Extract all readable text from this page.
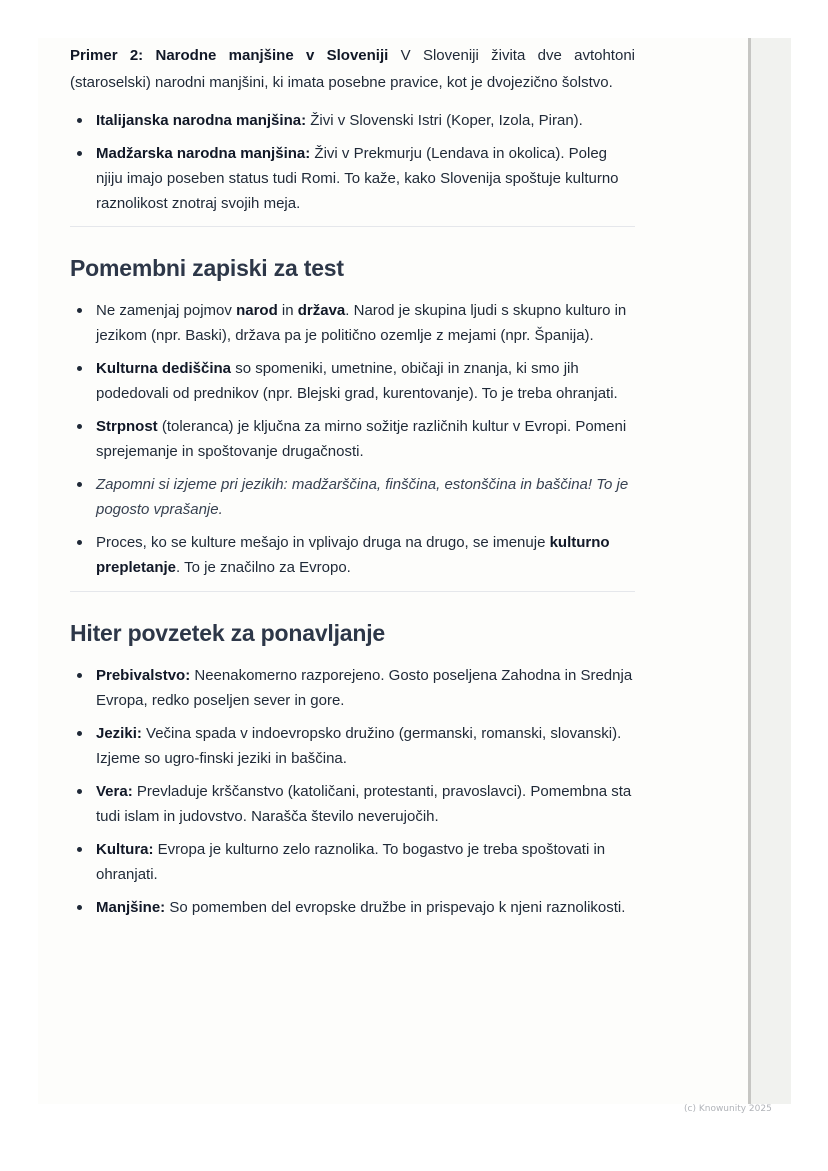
Primer 2: Narodne manjšine v Sloveniji V Sloveniji živita dve avtohtoni (staroselski) narodni manjšini, ki imata posebne pravice, kot je dvojezično šolstvo.

Italijanska narodna manjšina: Živi v Slovenski Istri (Koper, Izola, Piran).
Madžarska narodna manjšina: Živi v Prekmurju (Lendava in okolica). Poleg njiju imajo poseben status tudi Romi. To kaže, kako Slovenija spoštuje kulturno raznolikost znotraj svojih meja.
Pomembni zapiski za test
Ne zamenjaj pojmov narod in država. Narod je skupina ljudi s skupno kulturo in jezikom (npr. Baski), država pa je politično ozemlje z mejami (npr. Španija).
Kulturna dediščina so spomeniki, umetnine, običaji in znanja, ki smo jih podedovali od prednikov (npr. Blejski grad, kurentovanje). To je treba ohranjati.
Strpnost (toleranca) je ključna za mirno sožitje različnih kultur v Evropi. Pomeni sprejemanje in spoštovanje drugačnosti.
Zapomni si izjeme pri jezikih: madžarščina, finščina, estonščina in baščina! To je pogosto vprašanje.
Proces, ko se kulture mešajo in vplivajo druga na drugo, se imenuje kulturno prepletanje. To je značilno za Evropo.
Hiter povzetek za ponavljanje
Prebivalstvo: Neenakomerno razporejeno. Gosto poseljena Zahodna in Srednja Evropa, redko poseljen sever in gore.
Jeziki: Večina spada v indoevropsko družino (germanski, romanski, slovanski). Izjeme so ugro-finski jeziki in baščina.
Vera: Prevladuje krščanstvo (katoličani, protestanti, pravoslavci). Pomembna sta tudi islam in judovstvo. Narašča število neverujočih.
Kultura: Evropa je kulturno zelo raznolika. To bogastvo je treba spoštovati in ohranjati.
Manjšine: So pomemben del evropske družbe in prispevajo k njeni raznolikosti.
(c) Knowunity 2025
